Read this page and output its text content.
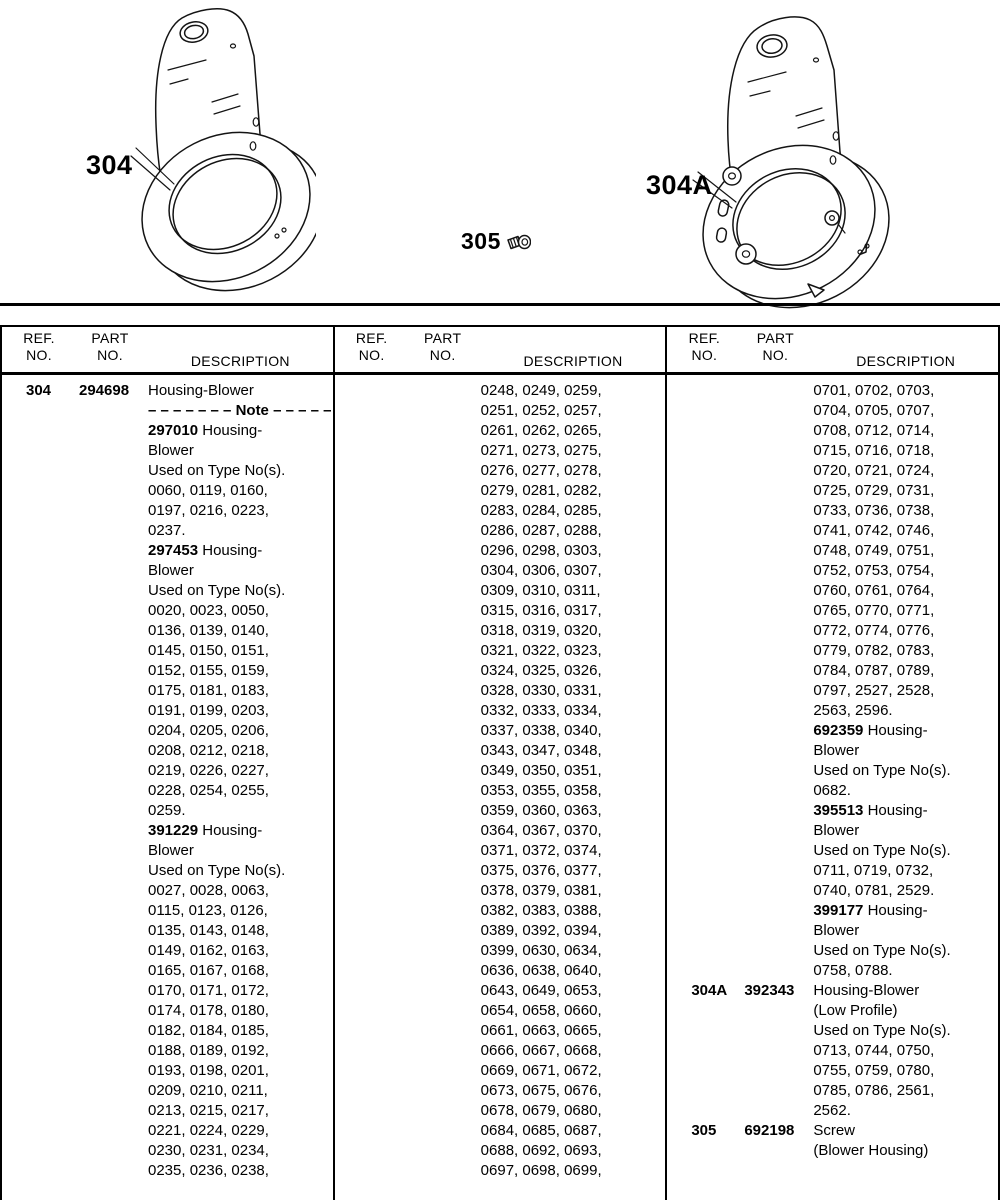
304
305
304A
REF.
NO.
PART
NO.	DESCRIPTION
304	294698	Housing-Blower
– – – – – – – Note – – – – –
297010 Housing-
Blower
Used on Type No(s).
0060, 0119, 0160,
0197, 0216, 0223,
0237.
297453 Housing-
Blower
Used on Type No(s).
0020, 0023, 0050,
0136, 0139, 0140,
0145, 0150, 0151,
0152, 0155, 0159,
0175, 0181, 0183,
0191, 0199, 0203,
0204, 0205, 0206,
0208, 0212, 0218,
0219, 0226, 0227,
0228, 0254, 0255,
0259.
391229 Housing-
Blower
Used on Type No(s).
0027, 0028, 0063,
0115, 0123, 0126,
0135, 0143, 0148,
0149, 0162, 0163,
0165, 0167, 0168,
0170, 0171, 0172,
0174, 0178, 0180,
0182, 0184, 0185,
0188, 0189, 0192,
0193, 0198, 0201,
0209, 0210, 0211,
0213, 0215, 0217,
0221, 0224, 0229,
0230, 0231, 0234,
0235, 0236, 0238,
REF.
NO.
PART
NO.	DESCRIPTION
0248, 0249, 0259,
0251, 0252, 0257,
0261, 0262, 0265,
0271, 0273, 0275,
0276, 0277, 0278,
0279, 0281, 0282,
0283, 0284, 0285,
0286, 0287, 0288,
0296, 0298, 0303,
0304, 0306, 0307,
0309, 0310, 0311,
0315, 0316, 0317,
0318, 0319, 0320,
0321, 0322, 0323,
0324, 0325, 0326,
0328, 0330, 0331,
0332, 0333, 0334,
0337, 0338, 0340,
0343, 0347, 0348,
0349, 0350, 0351,
0353, 0355, 0358,
0359, 0360, 0363,
0364, 0367, 0370,
0371, 0372, 0374,
0375, 0376, 0377,
0378, 0379, 0381,
0382, 0383, 0388,
0389, 0392, 0394,
0399, 0630, 0634,
0636, 0638, 0640,
0643, 0649, 0653,
0654, 0658, 0660,
0661, 0663, 0665,
0666, 0667, 0668,
0669, 0671, 0672,
0673, 0675, 0676,
0678, 0679, 0680,
0684, 0685, 0687,
0688, 0692, 0693,
0697, 0698, 0699,
REF.
NO.
PART
NO.	DESCRIPTION
0701, 0702, 0703,
0704, 0705, 0707,
0708, 0712, 0714,
0715, 0716, 0718,
0720, 0721, 0724,
0725, 0729, 0731,
0733, 0736, 0738,
0741, 0742, 0746,
0748, 0749, 0751,
0752, 0753, 0754,
0760, 0761, 0764,
0765, 0770, 0771,
0772, 0774, 0776,
0779, 0782, 0783,
0784, 0787, 0789,
0797, 2527, 2528,
2563, 2596.
692359 Housing-
Blower
Used on Type No(s).
0682.
395513 Housing-
Blower
Used on Type No(s).
0711, 0719, 0732,
0740, 0781, 2529.
399177 Housing-
Blower
Used on Type No(s).
0758, 0788.
304A	392343	Housing-Blower
(Low Profile)
Used on Type No(s).
0713, 0744, 0750,
0755, 0759, 0780,
0785, 0786, 2561,
2562.
305	692198	Screw
(Blower Housing)
